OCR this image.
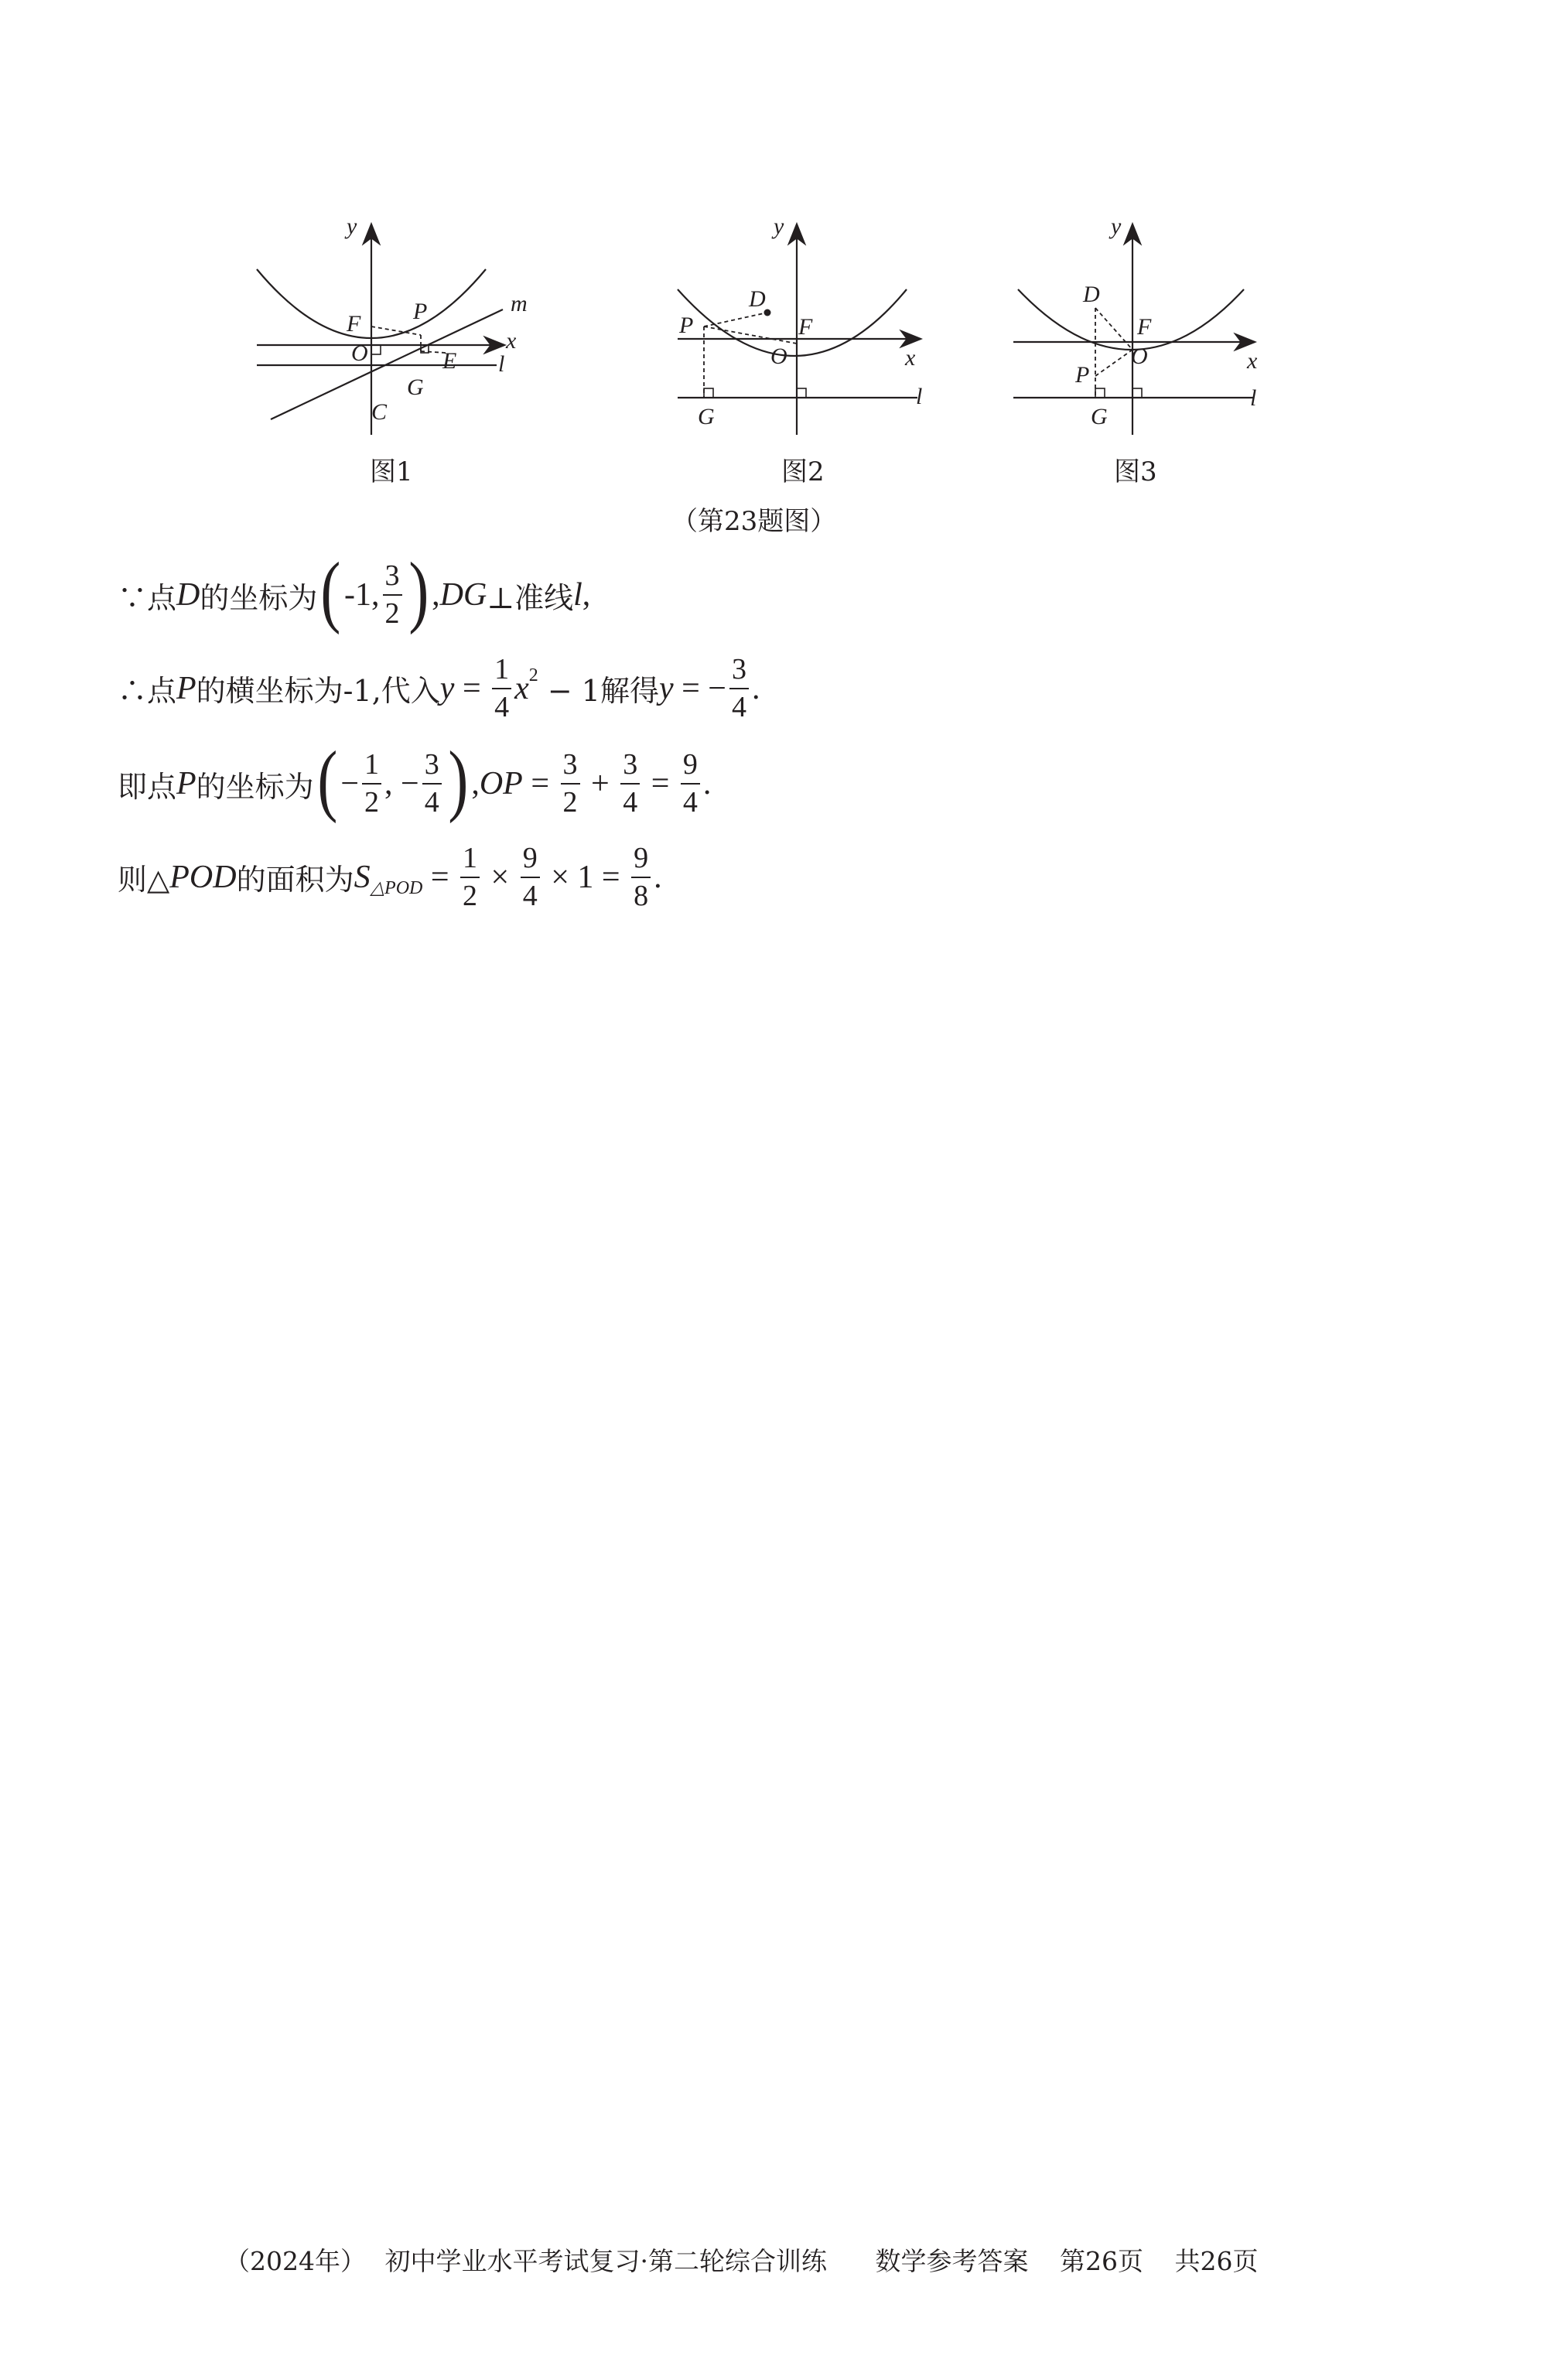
y
x
m
l
F P
O	E
G
C
图1
y
x
l
D
P	F
O
G
图2
y
x
l
D
F
O
P
G
图3
（第23题图）
∵点 D 的坐标为 ( -1, $\frac{3}{2}$ ) , DG ⊥准线 l ,
∴点 P 的横坐标为-1,代入 $y = \frac{1}{4}$ x 2 − 1解得 y = − $\frac{3}{4}$ .
即点 P 的坐标为 ( − $\frac{1}{2}$ , − $\frac{3}{4}$ ) , OP = $\frac{3}{2} + \frac{3}{4} = \frac{9}{4}$ .
则△ POD 的面积为 S △POD = $\frac{1}{2} \times \frac{9}{4} \times 1 = \frac{9}{8}$ .
（2024年） 初中学业水平考试复习·第二轮综合训练 数学参考答案 第26页 共26页
